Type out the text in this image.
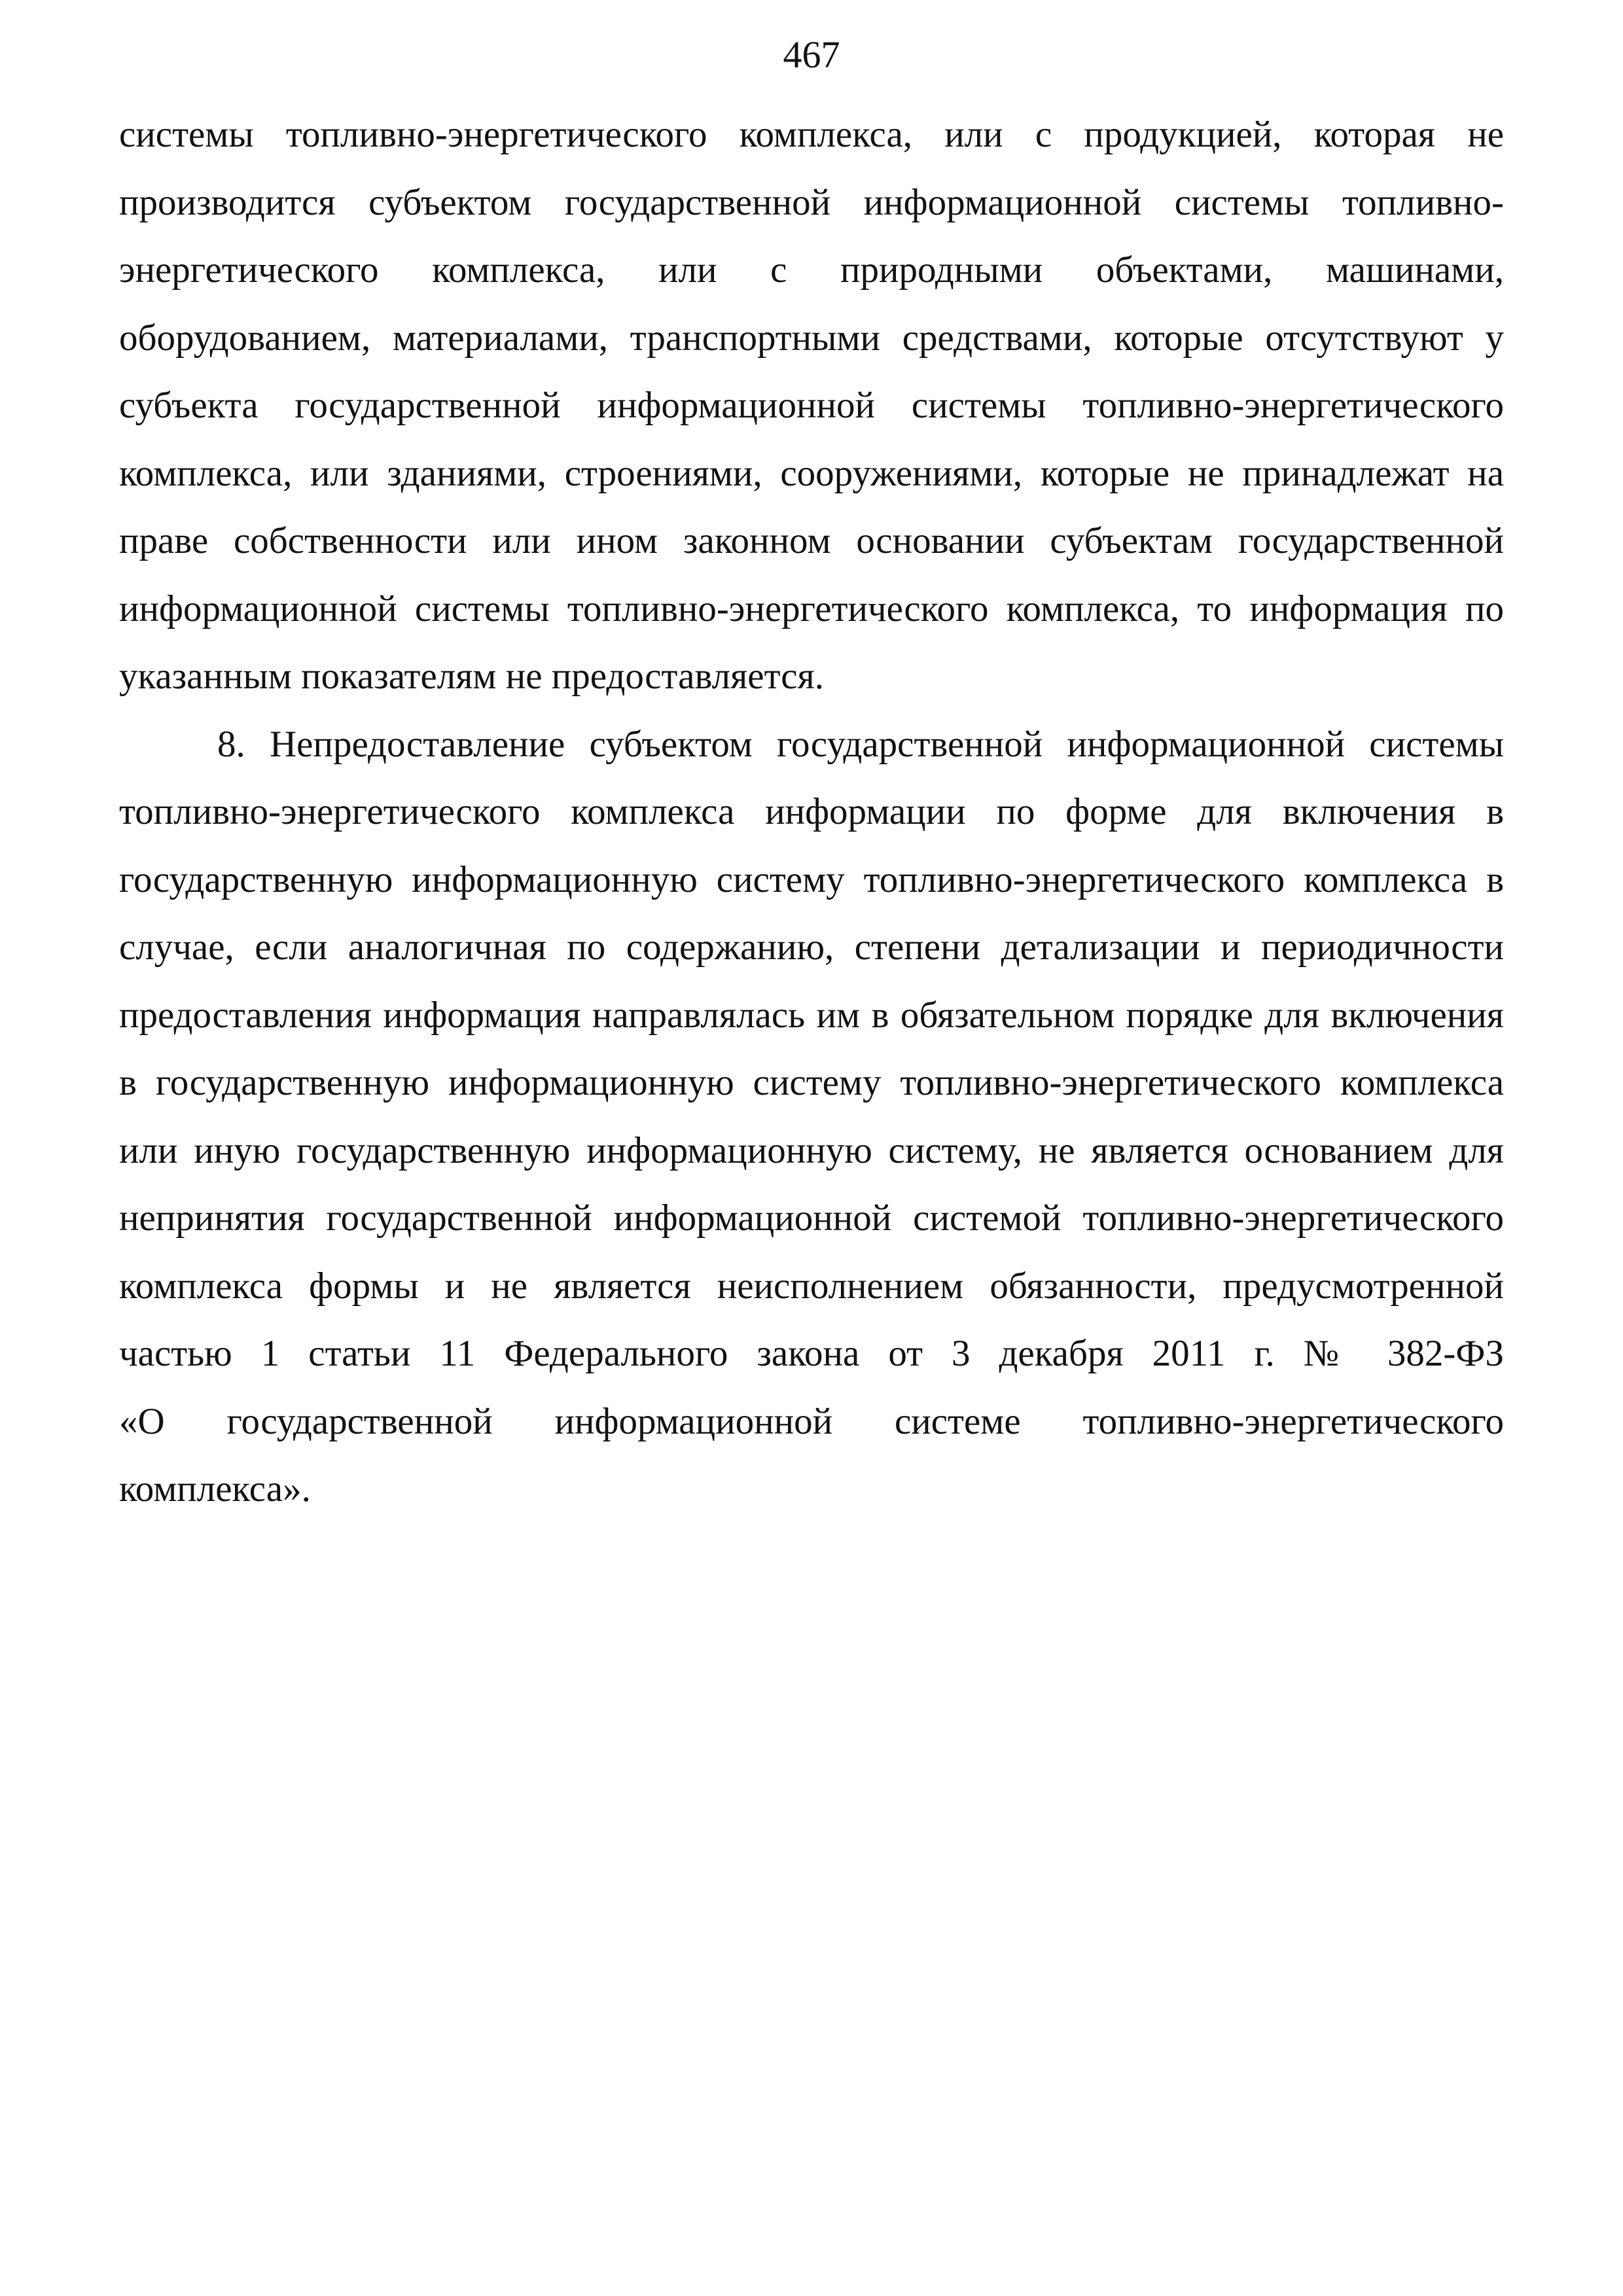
467
системы топливно-энергетического комплекса, или с продукцией, которая не
производится субъектом государственной информационной системы топливно-
энергетического комплекса, или с природными объектами, машинами,
оборудованием, материалами, транспортными средствами, которые отсутствуют у
субъекта государственной информационной системы топливно-энергетического
комплекса, или зданиями, строениями, сооружениями, которые не принадлежат на
праве собственности или ином законном основании субъектам государственной
информационной системы топливно-энергетического комплекса, то информация по
указанным показателям не предоставляется.
8. Непредоставление субъектом государственной информационной системы
топливно-энергетического комплекса информации по форме для включения в
государственную информационную систему топливно-энергетического комплекса в
случае, если аналогичная по содержанию, степени детализации и периодичности
предоставления информация направлялась им в обязательном порядке для включения
в государственную информационную систему топливно-энергетического комплекса
или иную государственную информационную систему, не является основанием для
непринятия государственной информационной системой топливно-энергетического
комплекса формы и не является неисполнением обязанности, предусмотренной
частью 1 статьи 11 Федерального закона от 3 декабря 2011 г. № 382-ФЗ
«О государственной информационной системе топливно-энергетического
комплекса».
